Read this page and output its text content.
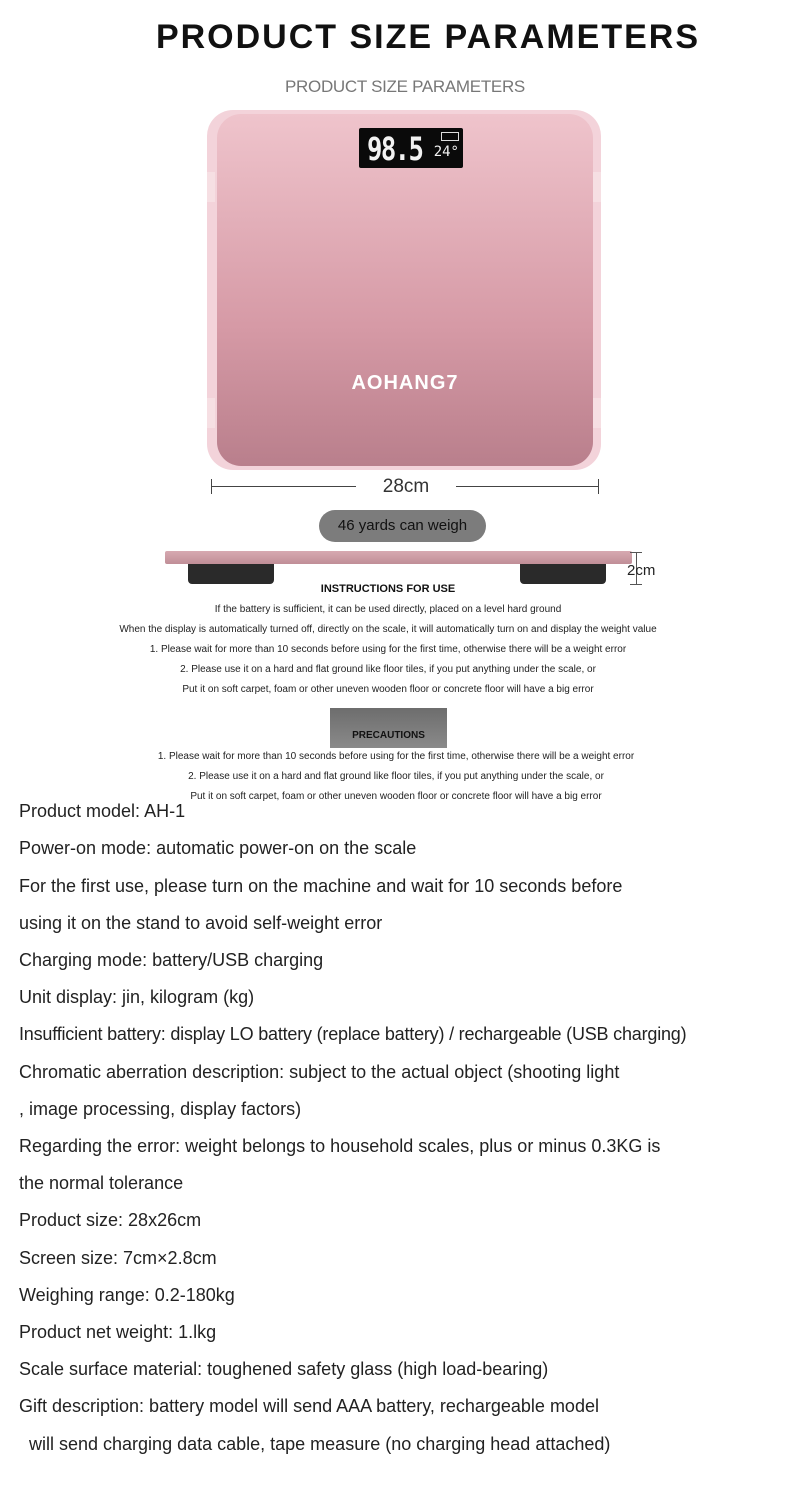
PRODUCT SIZE PARAMETERS
PRODUCT SIZE PARAMETERS
98.5 24°
AOHANG7
28cm
46 yards can weigh
2cm
INSTRUCTIONS FOR USE
If the battery is sufficient, it can be used directly, placed on a level hard ground
When the display is automatically turned off, directly on the scale, it will automatically turn on and display the weight value
1. Please wait for more than 10 seconds before using for the first time, otherwise there will be a weight error
2. Please use it on a hard and flat ground like floor tiles, if you put anything under the scale, or
Put it on soft carpet, foam or other uneven wooden floor or concrete floor will have a big error
PRECAUTIONS
1. Please wait for more than 10 seconds before using for the first time, otherwise there will be a weight error
2. Please use it on a hard and flat ground like floor tiles, if you put anything under the scale, or
Put it on soft carpet, foam or other uneven wooden floor or concrete floor will have a big error
Product model: AH-1
Power-on mode: automatic power-on on the scale
For the first use, please turn on the machine and wait for 10 seconds before
using it on the stand to avoid self-weight error
Charging mode: battery/USB charging
Unit display: jin, kilogram (kg)
Insufficient battery: display LO battery (replace battery) / rechargeable (USB charging)
Chromatic aberration description: subject to the actual object (shooting light
, image processing, display factors)
Regarding the error: weight belongs to household scales, plus or minus 0.3KG is
the normal tolerance
Product size: 28x26cm
Screen size: 7cm×2.8cm
Weighing range: 0.2-180kg
Product net weight: 1.lkg
Scale surface material: toughened safety glass (high load-bearing)
Gift description: battery model will send AAA battery, rechargeable model
will send charging data cable, tape measure (no charging head attached)
